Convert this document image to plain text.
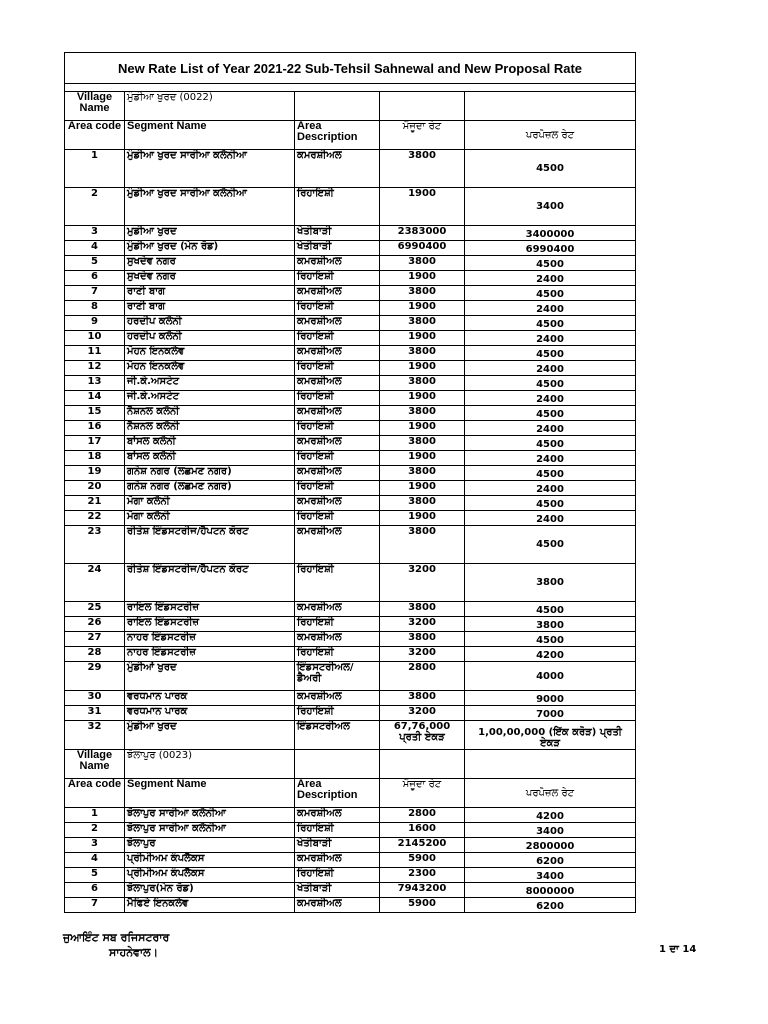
New Rate List of Year 2021-22 Sub-Tehsil Sahnewal and New Proposal Rate				

Village Name	ਮੁੰਡੀਆ ਖੁਰਦ (0022)			
Area code	Segment Name	Area Description	ਮੌਜੂਦਾ ਰੇਟ	ਪਰਪੋਜ਼ਲ ਰੇਟ
1	ਮੁੰਡੀਆ ਖੁਰਦ ਸਾਰੀਆ ਕਲੋਨੀਆ	ਕਮਰਸ਼ੀਅਲ	3800	4500
2	ਮੁੰਡੀਆ ਖੁਰਦ ਸਾਰੀਆ ਕਲੋਨੀਆ	ਰਿਹਾਇਸ਼ੀ	1900	3400
3	ਮੁਡੀਆ ਖੁਰਦ	ਖੇਤੀਬਾੜੀ	2383000	3400000
4	ਮੁੰਡੀਆ ਖੁਰਦ (ਮੇਨ ਰੋਡ)	ਖੇਤੀਬਾੜੀ	6990400	6990400
5	ਸੁਖਦੇਵ ਨਗਰ	ਕਮਰਸ਼ੀਅਲ	3800	4500
6	ਸੁਖਦੇਵ ਨਗਰ	ਰਿਹਾਇਸ਼ੀ	1900	2400
7	ਰਾਣੀ ਬਾਗ	ਕਮਰਸ਼ੀਅਲ	3800	4500
8	ਰਾਣੀ ਬਾਗ	ਰਿਹਾਇਸ਼ੀ	1900	2400
9	ਹਰਦੀਪ ਕਲੋਨੀ	ਕਮਰਸ਼ੀਅਲ	3800	4500
10	ਹਰਦੀਪ ਕਲੋਨੀ	ਰਿਹਾਇਸ਼ੀ	1900	2400
11	ਮੋਹਨ ਇਨਕਲੇਵ	ਕਮਰਸ਼ੀਅਲ	3800	4500
12	ਮੋਹਨ ਇਨਕਲੇਵ	ਰਿਹਾਇਸ਼ੀ	1900	2400
13	ਜੀ.ਕੇ.ਅਸਟੇਟ	ਕਮਰਸ਼ੀਅਲ	3800	4500
14	ਜੀ.ਕੇ.ਅਸਟੇਟ	ਰਿਹਾਇਸ਼ੀ	1900	2400
15	ਨੈਸ਼ਨਲ ਕਲੋਨੀ	ਕਮਰਸ਼ੀਅਲ	3800	4500
16	ਨੈਸ਼ਨਲ ਕਲੋਨੀ	ਰਿਹਾਇਸ਼ੀ	1900	2400
17	ਬਾਂਸਲ ਕਲੋਨੀ	ਕਮਰਸ਼ੀਅਲ	3800	4500
18	ਬਾਂਸਲ ਕਲੋਨੀ	ਰਿਹਾਇਸ਼ੀ	1900	2400
19	ਗਨੇਸ਼ ਨਗਰ (ਲਛਮਣ ਨਗਰ)	ਕਮਰਸ਼ੀਅਲ	3800	4500
20	ਗਨੇਸ਼ ਨਗਰ (ਲਛਮਣ ਨਗਰ)	ਰਿਹਾਇਸ਼ੀ	1900	2400
21	ਮੋਗਾ ਕਲੋਨੀ	ਕਮਰਸ਼ੀਅਲ	3800	4500
22	ਮੋਗਾ ਕਲੋਨੀ	ਰਿਹਾਇਸ਼ੀ	1900	2400
23	ਰੀਤੇਸ਼ ਇੰਡਸਟਰੀਜ/ਹੈਪਟਨ ਕੋਰਟ	ਕਮਰਸ਼ੀਅਲ	3800	4500
24	ਰੀਤੇਸ਼ ਇੰਡਸਟਰੀਜ/ਹੈਪਟਨ ਕੋਰਟ	ਰਿਹਾਇਸ਼ੀ	3200	3800
25	ਰਾਇਲ ਇੰਡਸਟਰੀਜ਼	ਕਮਰਸ਼ੀਅਲ	3800	4500
26	ਰਾਇਲ ਇੰਡਸਟਰੀਜ਼	ਰਿਹਾਇਸ਼ੀ	3200	3800
27	ਨਾਹਰ ਇੰਡਸਟਰੀਜ਼	ਕਮਰਸ਼ੀਅਲ	3800	4500
28	ਨਾਹਰ ਇੰਡਸਟਰੀਜ਼	ਰਿਹਾਇਸ਼ੀ	3200	4200
29	ਮੁੰਡੀਆਂ ਖੁਰਦ	ਇੰਡਸਟਰੀਅਲ/ ਡੈਅਰੀ	2800	4000
30	ਵਰਧਮਾਨ ਪਾਰਕ	ਕਮਰਸ਼ੀਅਲ	3800	9000
31	ਵਰਧਮਾਨ ਪਾਰਕ	ਰਿਹਾਇਸ਼ੀ	3200	7000
32	ਮੁੰਡੀਆ ਖੁਰਦ	ਇੰਡਸਟਰੀਅਲ	67,76,000 ਪ੍ਰਤੀ ਏਕੜ	1,00,00,000 (ਇੱਕ ਕਰੋੜ) ਪ੍ਰਤੀ ਏਕੜ
Village Name	ਝੋਲਾਪੁਰ (0023)			
Area code	Segment Name	Area Description	ਮੌਜੂਦਾ ਰੇਟ	ਪਰਪੋਜ਼ਲ ਰੇਟ
1	ਝੋਲਾਪੁਰ ਸਾਰੀਆ ਕਲੋਨੀਆ	ਕਮਰਸ਼ੀਅਲ	2800	4200
2	ਝੋਲਾਪੁਰ ਸਾਰੀਆ ਕਲੋਨੀਆ	ਰਿਹਾਇਸ਼ੀ	1600	3400
3	ਝੋਲਾਪੁਰ	ਖੇਤੀਬਾੜੀ	2145200	2800000
4	ਪ੍ਰੀਮੀਅਮ ਕੰਪਲੈਕਸ	ਕਮਰਸ਼ੀਅਲ	5900	6200
5	ਪ੍ਰੀਮੀਅਮ ਕੰਪਲੈਕਸ	ਰਿਹਾਇਸ਼ੀ	2300	3400
6	ਝੋਲਾਪੁਰ(ਮੇਨ ਰੋਡ)	ਖੇਤੀਬਾੜੀ	7943200	8000000
7	ਮੈਫਿਏ ਇਨਕਲੇਵ	ਕਮਰਸ਼ੀਅਲ	5900	6200
ਜੁਆਇੰਟ ਸਬ ਰਜਿਸਟਰਾਰ
ਸਾਹਨੇਵਾਲ।	1 ਦਾ 14
